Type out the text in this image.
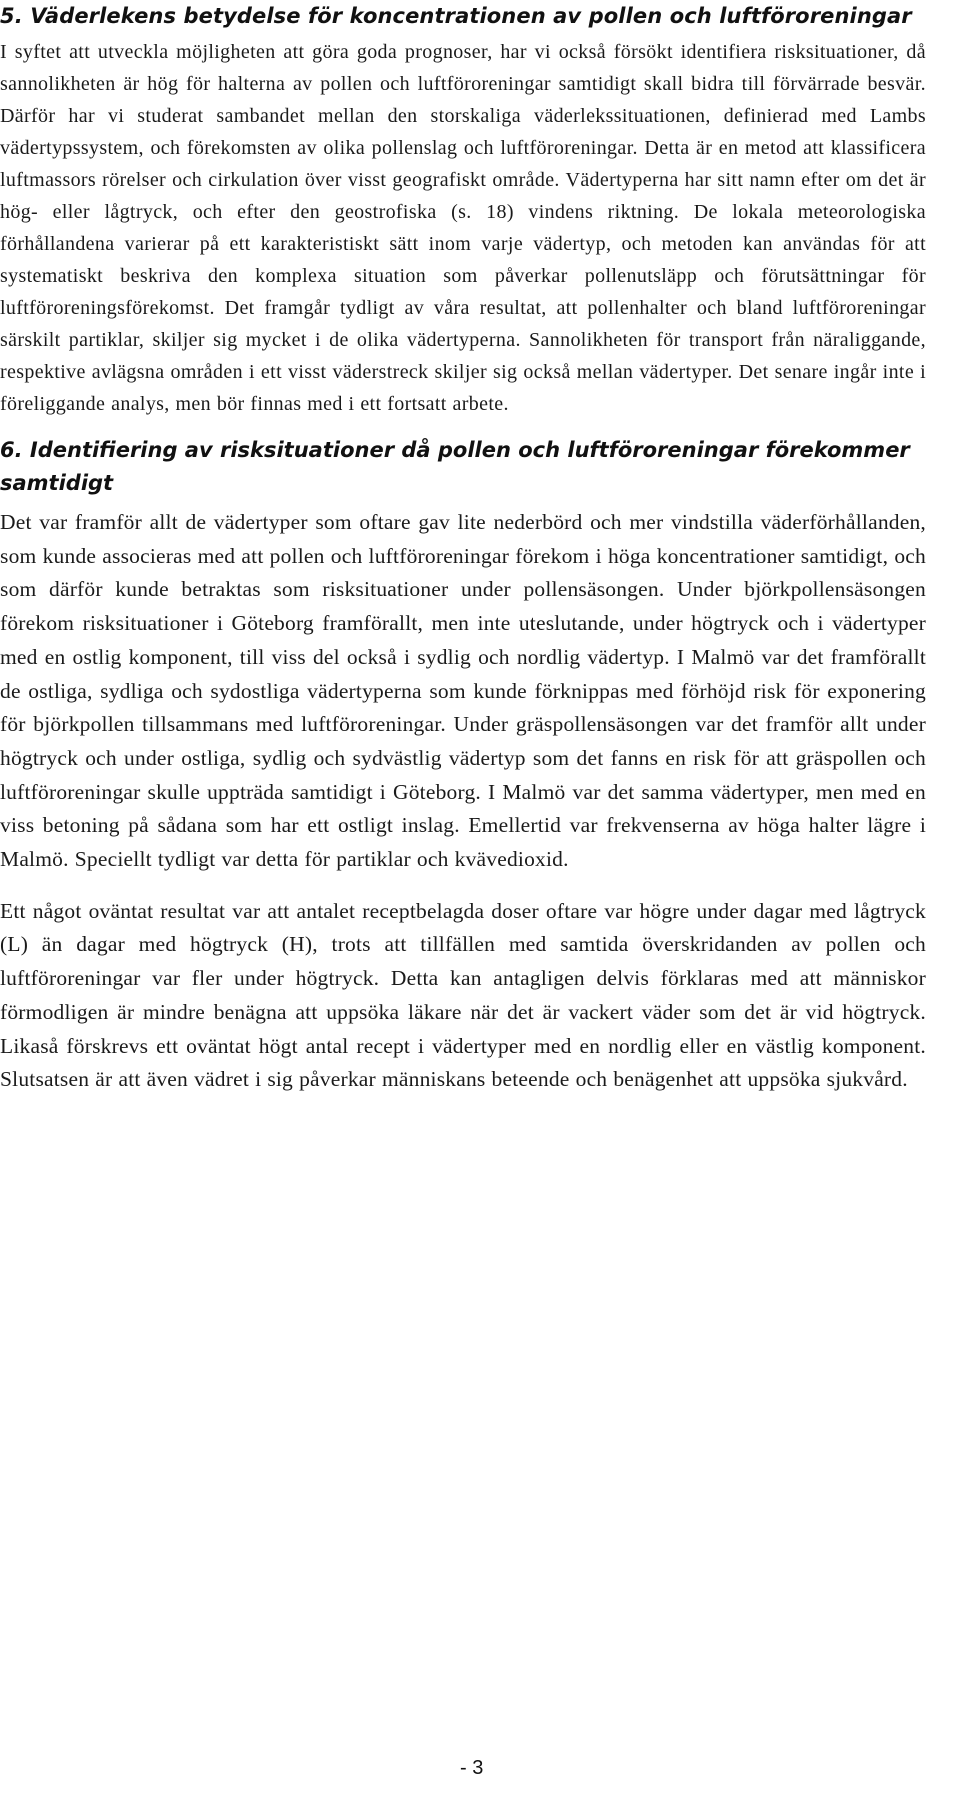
5. Väderlekens betydelse för koncentrationen av pollen och luftföroreningar

I syftet att utveckla möjligheten att göra goda prognoser, har vi också försökt identifiera risksituationer, då sannolikheten är hög för halterna av pollen och luftföroreningar samtidigt skall bidra till förvärrade besvär. Därför har vi studerat sambandet mellan den storskaliga väderlekssituationen, definierad med Lambs vädertypssystem, och förekomsten av olika pollenslag och luftföroreningar. Detta är en metod att klassificera luftmassors rörelser och cirkulation över visst geografiskt område. Vädertyperna har sitt namn efter om det är hög- eller lågtryck, och efter den geostrofiska (s. 18) vindens riktning. De lokala meteorologiska förhållandena varierar på ett karakteristiskt sätt inom varje vädertyp, och metoden kan användas för att systematiskt beskriva den komplexa situation som påverkar pollenutsläpp och förutsättningar för luftföroreningsförekomst. Det framgår tydligt av våra resultat, att pollenhalter och bland luftföroreningar särskilt partiklar, skiljer sig mycket i de olika vädertyperna. Sannolikheten för transport från näraliggande, respektive avlägsna områden i ett visst väderstreck skiljer sig också mellan vädertyper. Det senare ingår inte i föreliggande analys, men bör finnas med i ett fortsatt arbete.

6. Identifiering av risksituationer då pollen och luftföroreningar förekommer samtidigt

Det var framför allt de vädertyper som oftare gav lite nederbörd och mer vindstilla väderförhållanden, som kunde associeras med att pollen och luftföroreningar förekom i höga koncentrationer samtidigt, och som därför kunde betraktas som risksituationer under pollensäsongen. Under björkpollensäsongen förekom risksituationer i Göteborg framförallt, men inte uteslutande, under högtryck och i vädertyper med en ostlig komponent, till viss del också i sydlig och nordlig vädertyp. I Malmö var det framförallt de ostliga, sydliga och sydostliga vädertyperna som kunde förknippas med förhöjd risk för exponering för björkpollen tillsammans med luftföroreningar. Under gräspollensäsongen var det framför allt under högtryck och under ostliga, sydlig och sydvästlig vädertyp som det fanns en risk för att gräspollen och luftföroreningar skulle uppträda samtidigt i Göteborg. I Malmö var det samma vädertyper, men med en viss betoning på sådana som har ett ostligt inslag. Emellertid var frekvenserna av höga halter lägre i Malmö. Speciellt tydligt var detta för partiklar och kvävedioxid.

Ett något oväntat resultat var att antalet receptbelagda doser oftare var högre under dagar med lågtryck (L) än dagar med högtryck (H), trots att tillfällen med samtida överskridanden av pollen och luftföroreningar var fler under högtryck. Detta kan antagligen delvis förklaras med att människor förmodligen är mindre benägna att uppsöka läkare när det är vackert väder som det är vid högtryck. Likaså förskrevs ett oväntat högt antal recept i vädertyper med en nordlig eller en västlig komponent. Slutsatsen är att även vädret i sig påverkar människans beteende och benägenhet att uppsöka sjukvård.

- 3
